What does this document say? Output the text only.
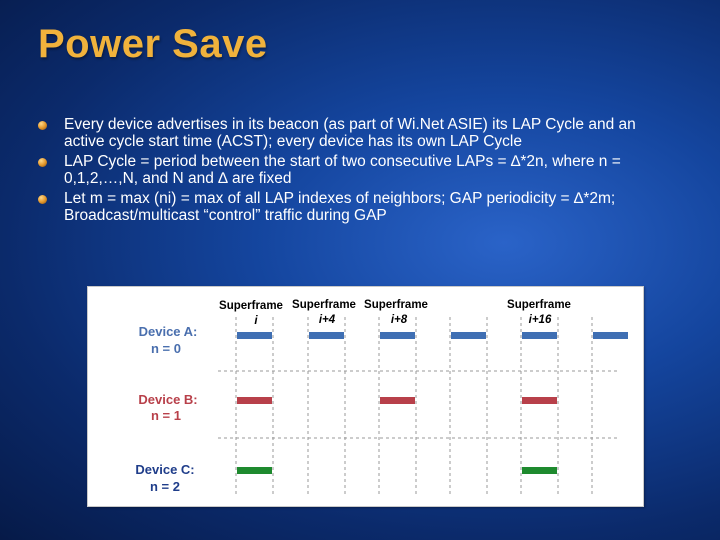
Power Save
Every device advertises in its beacon (as part of Wi.Net ASIE) its LAP Cycle and an active cycle start time (ACST); every device has its own LAP Cycle
LAP Cycle = period between the start of two consecutive LAPs = ∆*2n, where n = 0,1,2,…,N, and N and ∆ are fixed
Let m = max (ni) = max of all LAP indexes of neighbors; GAP periodicity = ∆*2m; Broadcast/multicast “control” traffic during GAP
Superframe
i
Superframe
i+4
Superframe
i+8
Superframe
i+16
Device A:
n = 0
Device B:
n = 1
Device C:
n = 2
